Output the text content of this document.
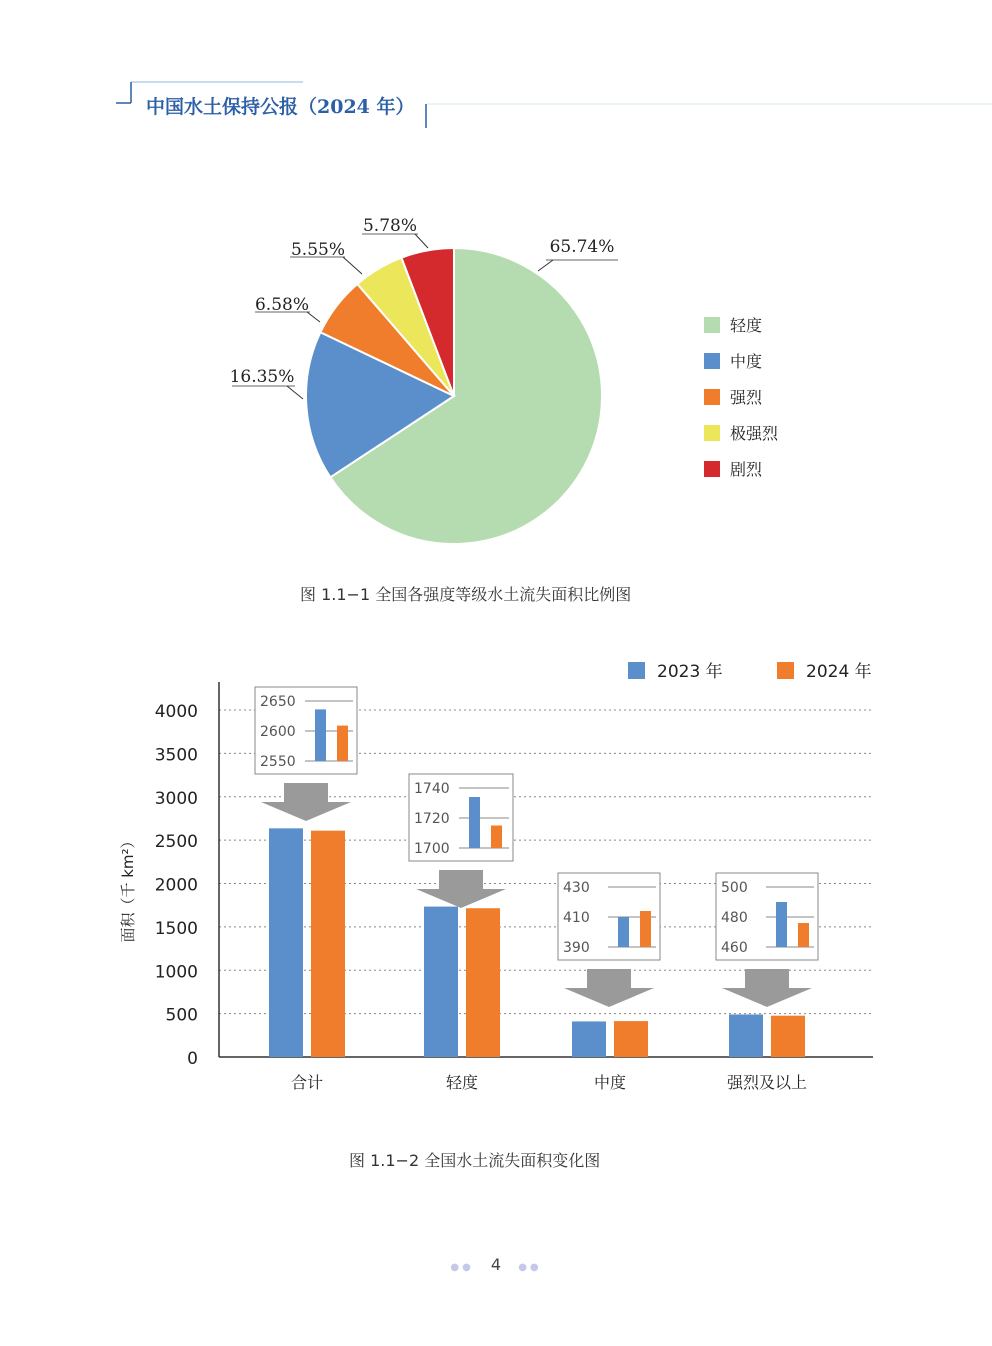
中国水土保持公报（2024 年）
65.74%
16.35%
6.58%
5.55%
5.78%
轻度
中度
强烈
极强烈
剧烈
图 1.1−1 全国各强度等级水土流失面积比例图
0
500
1000
1500
2000
2500
3000
3500
4000
面积（千 km²）
2023 年	2024 年
合计	轻度	中度	强烈及以上
2550
2600
2650
1700
1720
1740
390
410
430
460
480
500
图 1.1−2 全国水土流失面积变化图
●● 4 ●●
